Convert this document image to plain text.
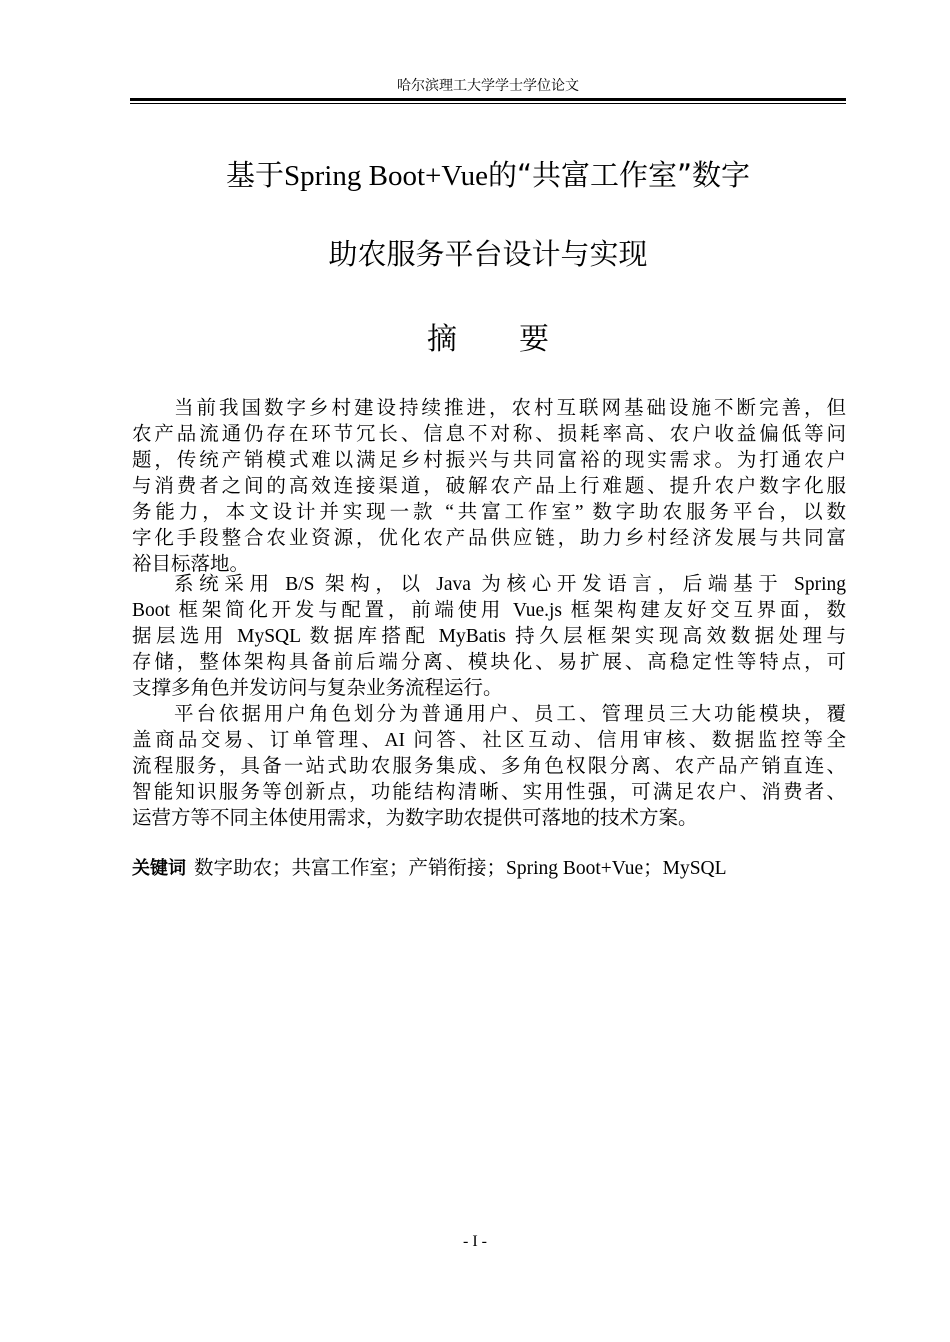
哈尔滨理工大学学士学位论文
基于Spring Boot+Vue的“共富工作室”数字
助农服务平台设计与实现
摘 要
当前我国数字乡村建设持续推进，农村互联网基础设施不断完善，但
农产品流通仍存在环节冗长、信息不对称、损耗率高、农户收益偏低等问
题，传统产销模式难以满足乡村振兴与共同富裕的现实需求。为打通农户
与消费者之间的高效连接渠道，破解农产品上行难题、提升农户数字化服
务能力，本文设计并实现一款 “共富工作室” 数字助农服务平台，以数
字化手段整合农业资源，优化农产品供应链，助力乡村经济发展与共同富
裕目标落地。
系统采用 B/S 架构，以 Java 为核心开发语言，后端基于 Spring
Boot 框架简化开发与配置，前端使用 Vue.js 框架构建友好交互界面，数
据层选用 MySQL 数据库搭配 MyBatis 持久层框架实现高效数据处理与
存储，整体架构具备前后端分离、模块化、易扩展、高稳定性等特点，可
支撑多角色并发访问与复杂业务流程运行。
平台依据用户角色划分为普通用户、员工、管理员三大功能模块，覆
盖商品交易、订单管理、AI 问答、社区互动、信用审核、数据监控等全
流程服务，具备一站式助农服务集成、多角色权限分离、农产品产销直连、
智能知识服务等创新点，功能结构清晰、实用性强，可满足农户、消费者、
运营方等不同主体使用需求，为数字助农提供可落地的技术方案。
关键词 数字助农；共富工作室；产销衔接；Spring Boot+Vue；MySQL
- I -
